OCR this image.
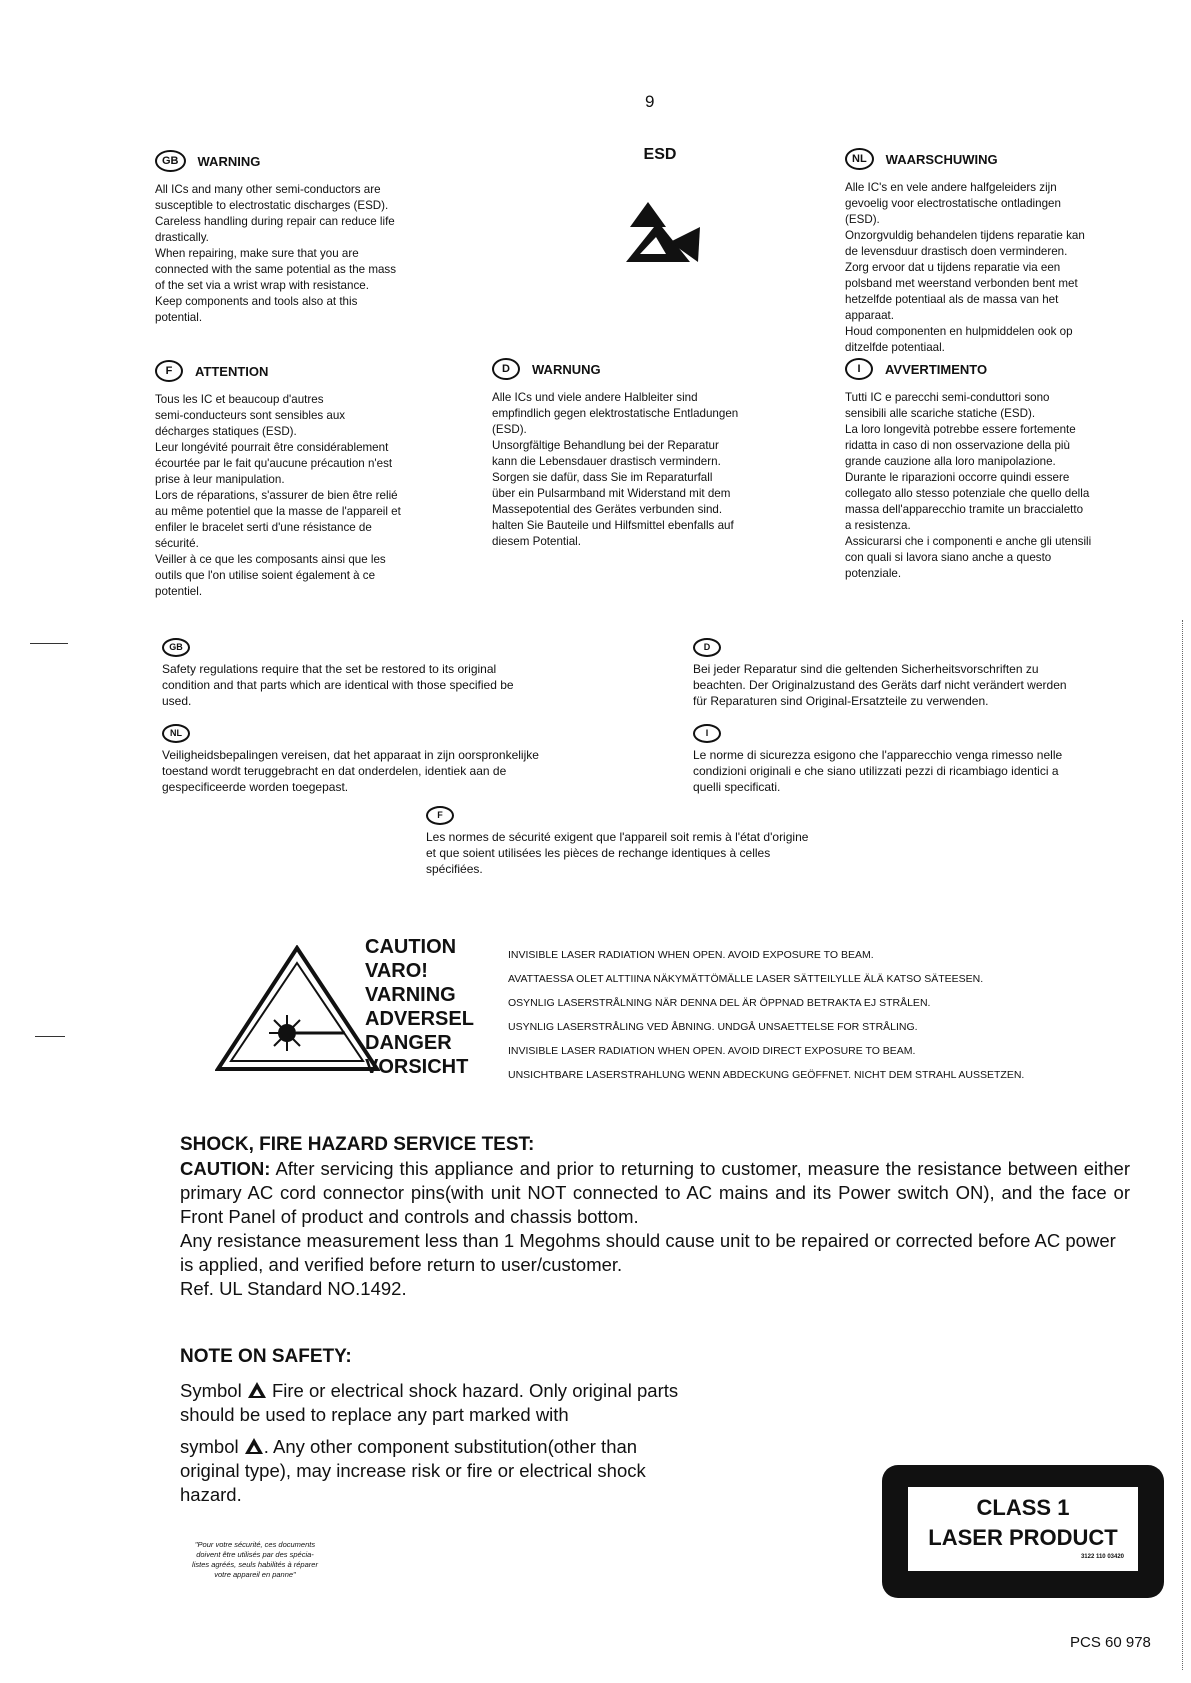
9
GB	WARNING
All ICs and many other semi-conductors are
susceptible to electrostatic discharges (ESD).
Careless handling during repair can reduce life
drastically.
When repairing, make sure that you are
connected with the same potential as the mass
of the set via a wrist wrap with resistance.
Keep components and tools also at this
potential.
ESD	NL	WAARSCHUWING
Alle IC's en vele andere halfgeleiders zijn
gevoelig voor electrostatische ontladingen
(ESD).
Onzorgvuldig behandelen tijdens reparatie kan
de levensduur drastisch doen verminderen.
Zorg ervoor dat u tijdens reparatie via een
polsband met weerstand verbonden bent met
hetzelfde potentiaal als de massa van het
apparaat.
Houd componenten en hulpmiddelen ook op
ditzelfde potentiaal.
F	ATTENTION
Tous les IC et beaucoup d'autres
semi-conducteurs sont sensibles aux
décharges statiques (ESD).
Leur longévité pourrait être considérablement
écourtée par le fait qu'aucune précaution n'est
prise à leur manipulation.
Lors de réparations, s'assurer de bien être relié
au même potentiel que la masse de l'appareil et
enfiler le bracelet serti d'une résistance de
sécurité.
Veiller à ce que les composants ainsi que les
outils que l'on utilise soient également à ce
potentiel.
D	WARNUNG
Alle ICs und viele andere Halbleiter sind
empfindlich gegen elektrostatische Entladungen
(ESD).
Unsorgfältige Behandlung bei der Reparatur
kann die Lebensdauer drastisch vermindern.
Sorgen sie dafür, dass Sie im Reparaturfall
über ein Pulsarmband mit Widerstand mit dem
Massepotential des Gerätes verbunden sind.
halten Sie Bauteile und Hilfsmittel ebenfalls auf
diesem Potential.
I	AVVERTIMENTO
Tutti IC e parecchi semi-conduttori sono
sensibili alle scariche statiche (ESD).
La loro longevità potrebbe essere fortemente
ridatta in caso di non osservazione della più
grande cauzione alla loro manipolazione.
Durante le riparazioni occorre quindi essere
collegato allo stesso potenziale che quello della
massa dell'apparecchio tramite un braccialetto
a resistenza.
Assicurarsi che i componenti e anche gli utensili
con quali si lavora siano anche a questo
potenziale.
GB
Safety regulations require that the set be restored to its original
condition and that parts which are identical with those specified be
used.
D
Bei jeder Reparatur sind die geltenden Sicherheitsvorschriften zu
beachten. Der Originalzustand des Geräts darf nicht verändert werden
für Reparaturen sind Original-Ersatzteile zu verwenden.
NL
Veiligheidsbepalingen vereisen, dat het apparaat in zijn oorspronkelijke
toestand wordt teruggebracht en dat onderdelen, identiek aan de
gespecificeerde worden toegepast.
I
Le norme di sicurezza esigono che l'apparecchio venga rimesso nelle
condizioni originali e che siano utilizzati pezzi di ricambiago identici a
quelli specificati.
F
Les normes de sécurité exigent que l'appareil soit remis à l'état d'origine
et que soient utilisées les pièces de rechange identiques à celles
spécifiées.
CAUTION
VARO!
VARNING
ADVERSEL
DANGER
VORSICHT
INVISIBLE LASER RADIATION WHEN OPEN. AVOID EXPOSURE TO BEAM.
AVATTAESSA OLET ALTTIINA NÄKYMÄTTÖMÄLLE LASER SÄTTEILYLLE ÄLÄ KATSO SÄTEESEN.
OSYNLIG LASERSTRÅLNING NÄR DENNA DEL ÄR ÖPPNAD BETRAKTA EJ STRÅLEN.
USYNLIG LASERSTRÅLING VED ÅBNING. UNDGÅ UNSAETTELSE FOR STRÅLING.
INVISIBLE LASER RADIATION WHEN OPEN. AVOID DIRECT EXPOSURE TO BEAM.
UNSICHTBARE LASERSTRAHLUNG WENN ABDECKUNG GEÖFFNET. NICHT DEM STRAHL AUSSETZEN.
SHOCK, FIRE HAZARD SERVICE TEST:
CAUTION: After servicing this appliance and prior to returning to customer, measure the resistance between either primary AC cord connector pins(with unit NOT connected to AC mains and its Power switch ON), and the face or Front Panel of product and controls and chassis bottom.
Any resistance measurement less than 1 Megohms should cause unit to be repaired or corrected before AC power is applied, and verified before return to user/customer.
Ref. UL Standard NO.1492.
NOTE ON SAFETY:
Symbol  Fire or electrical shock hazard. Only original parts should be used to replace any part marked with
symbol . Any other component substitution(other than original type), may increase risk or fire or electrical shock hazard.
"Pour votre sécurité, ces documents
doivent être utilisés par des spécia-
listes agréés, seuls habilités à réparer
votre appareil en panne"
CLASS 1
LASER PRODUCT
3122 110 03420
PCS 60 978
